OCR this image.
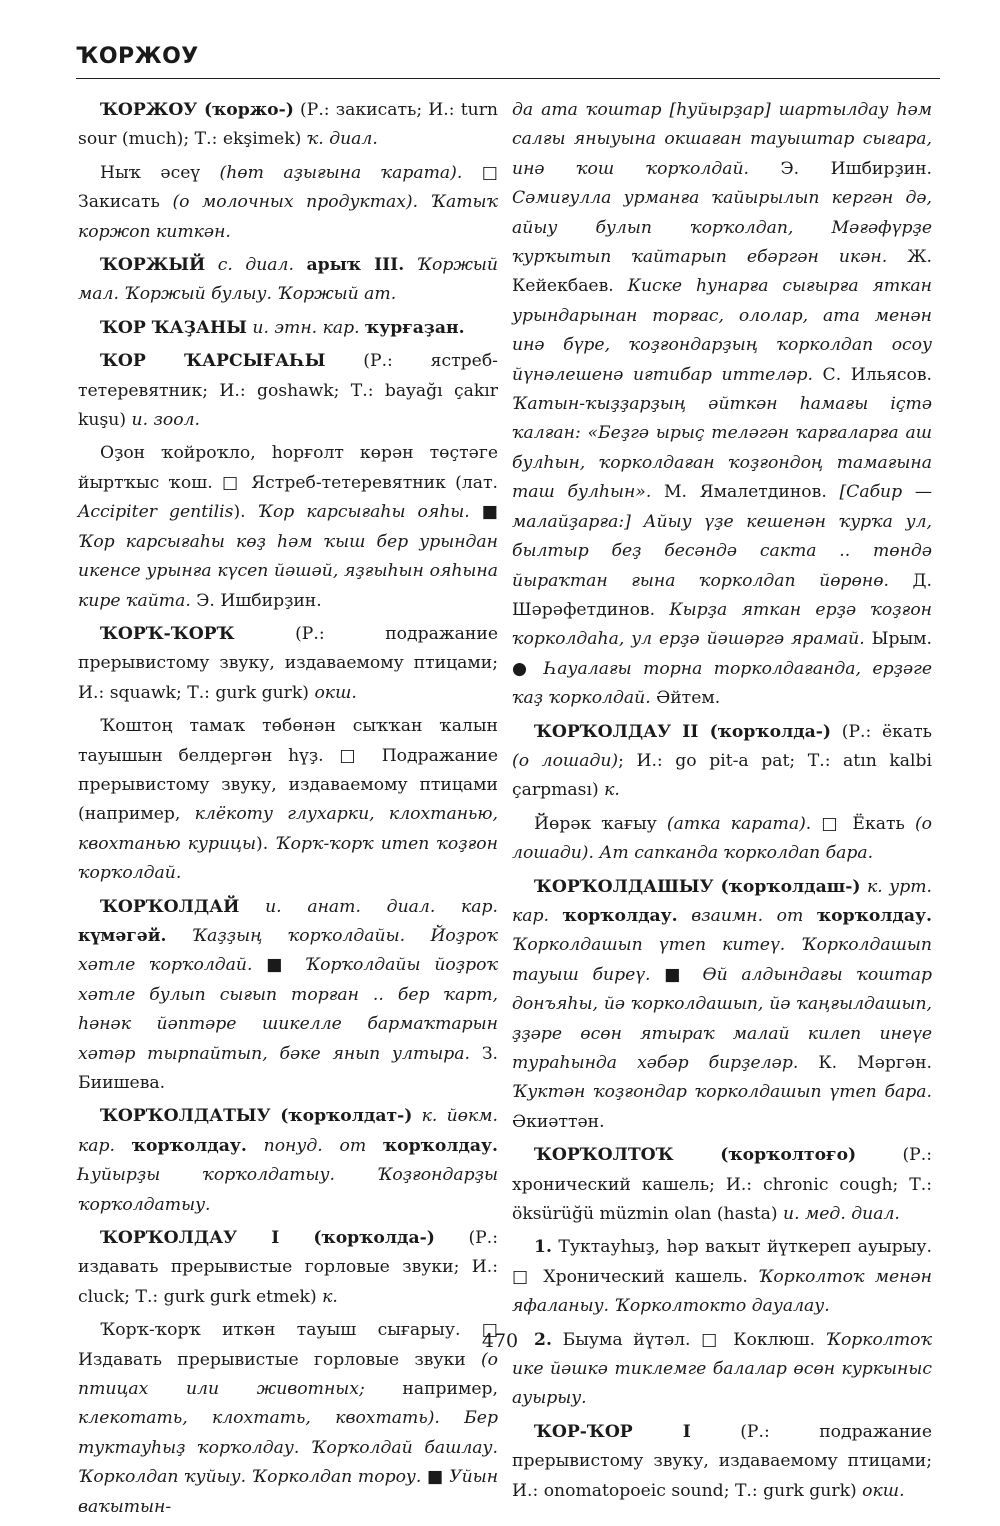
ҠОРЖОУ

ҠОРЖОУ (ҡоржо-) (Р.: закисать; И.: turn sour (much); Т.: ekşimek) ҡ. диал.

Ныҡ әсеү (һөт аҙығына ҡарата). □ Закисать (о молочных продуктах). Ҡатыҡ коржоп киткән.

ҠОРЖЫЙ с. диал. арыҡ III. Ҡоржый мал. Ҡоржый булыу. Ҡоржый ат.

ҠОР ҠАҘАНЫ и. этн. кар. ҡурғаҙан.

ҠОР ҠАРСЫҒАҺЫ (Р.: ястреб-тетеревятник; И.: goshawk; Т.: bayağı çakır kuşu) и. зоол.

Оҙон ҡойроҡло, һорғолт көрән төҫтәге йыртҡыс ҡош. □ Ястреб-тетеревятник (лат. Accipiter gentilis). Ҡор карсығаһы ояһы. ■ Ҡор карсығаһы көҙ һәм ҡыш бер урындан икенсе урынға күсеп йәшәй, яҙғыһын ояһына кире ҡайта. Э. Ишбирҙин.

ҠОРҠ-ҠОРҠ (Р.: подражание прерывистому звуку, издаваемому птицами; И.: squawk; Т.: gurk gurk) окш.

Ҡоштоң тамаҡ төбөнән сыҡҡан ҡалын тауышын белдергән һүҙ. □ Подражание прерывистому звуку, издаваемому птицами (например, клёкоту глухарки, клохтанью, квохтанью курицы). Ҡорҡ-ҡорҡ итеп ҡоҙғон ҡорҡолдай.

ҠОРҠОЛДАЙ и. анат. диал. кар. күмәгәй. Ҡаҙҙың ҡорҡолдайы. Йоҙроҡ хәтле ҡорҡолдай. ■ Ҡорҡолдайы йоҙроҡ хәтле булып сығып торған .. бер ҡарт, һәнәк йәптәре шикелле бармаҡтарын хәтәр тырпайтып, бәке янып ултыра. З. Биишева.

ҠОРҠОЛДАТЫУ (ҡорҡолдат-) к. йөкм. кар. ҡорҡолдау. понуд. от ҡорҡолдау. Һуйырҙы ҡорҡолдатыу. Ҡоҙғондарҙы ҡорҡолдатыу.

ҠОРҠОЛДАУ I (ҡорҡолда-) (Р.: издавать прерывистые горловые звуки; И.: cluck; Т.: gurk gurk etmek) к.

Ҡорҡ-ҡорҡ иткән тауыш сығарыу. □ Издавать прерывистые горловые звуки (о птицах или животных; например, клекотать, клохтать, квохтать). Бер туктауһыҙ ҡорҡолдау. Ҡорҡолдай башлау. Ҡорколдап ҡуйыу. Ҡорколдап тороу. ■ Уйын ваҡытын-

да ата ҡоштар [һуйырҙар] шартылдау һәм салғы яныуына окшаған тауыштар сығара, инә ҡош ҡорҡолдай. Э. Ишбирҙин. Сәмиғулла урманға ҡайырылып кергән дә, айыу булып ҡорҡолдап, Мәғәфүрҙе ҡурҡытып ҡайтарып ебәргән икән. Ж. Кейекбаев. Киске һунарға сығырға яткан урындарынан торғас, ололар, ата менән инә бүре, ҡоҙғондарҙың ҡорколдап осоу йүнәлешенә иғтибар иттеләр. С. Ильясов. Ҡатын-ҡыҙҙарҙың әйткән һамағы іҫтә ҡалған: «Беҙгә ырыҫ теләгән ҡарғаларға аш булһын, ҡорколдаған ҡоҙғондоң тамағына таш булһын». М. Ямалетдинов. [Сабир — малайҙарға:] Айыу үҙе кешенән ҡурҡа ул, былтыр беҙ бесәндә сакта .. төндә йыраҡтан ғына ҡорколдап йөрөнө. Д. Шәрәфетдинов. Кырҙа яткан ерҙә ҡоҙғон ҡорколдаһа, ул ерҙә йәшәргә ярамай. Ырым. ● Һауалағы торна торколдағанда, ерҙәге ҡаҙ ҡорколдай. Әйтем.

ҠОРҠОЛДАУ II (ҡорҡолда-) (Р.: ёкать (о лошади); И.: go pit-a pat; Т.: atın kalbi çarpması) к.

Йөрәк ҡағыу (атка карата). □ Ёкать (о лошади). Ат сапканда ҡорколдап бара.

ҠОРҠОЛДАШЫУ (ҡорҡолдаш-) к. урт. кар. ҡорҡолдау. взаимн. от ҡорҡолдау. Ҡорколдашып үтеп китеү. Ҡорколдашып тауыш биреү. ■ Өй алдындағы ҡоштар донъяһы, йә ҡорколдашып, йә ҡаңғылдашып, ҙҙәре өсөн ятыраҡ малай килеп инеүе тураһында хәбәр бирҙеләр. К. Мәргән. Ҡуктән ҡоҙғондар ҡорколдашып үтеп бара. Әкиәттән.

ҠОРҠОЛТОҠ (ҡорҡолтоғо) (Р.: хронический кашель; И.: chronic cough; Т.: öksürüğü müzmin olan (hasta) и. мед. диал.

1. Туктауһыҙ, һәр ваҡыт йүткереп ауырыу. □ Хронический кашель. Ҡорколтоҡ менән яфаланыу. Ҡорколтокто дауалау.

2. Быума йүтәл. □ Коклюш. Ҡорколтоҡ ике йәшкә тиклемге балалар өсөн куркыныс ауырыу.

ҠОР-ҠОР I (Р.: подражание прерывистому звуку, издаваемому птицами; И.: onomatopoeic sound; Т.: gurk gurk) окш.

470
